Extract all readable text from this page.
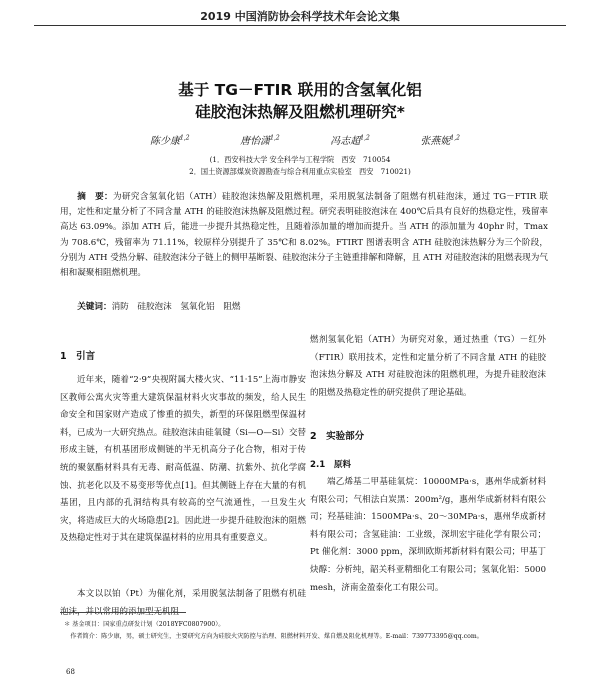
2019 中国消防协会科学技术年会论文集
基于 TG－FTIR 联用的含氢氧化铝
硅胶泡沫热解及阻燃机理研究*
陈少康$^{1,2}$	唐怡潇$^{1,2}$	冯志超$^{1,2}$	张燕妮$^{1,2}$
(1．西安科技大学 安全科学与工程学院　西安　710054
2．国土资源部煤炭资源勘查与综合利用重点实验室　西安　710021)
摘　要：为研究含氢氧化铝（ATH）硅胶泡沫热解及阻燃机理，采用脱氢法制备了阻燃有机硅泡沫，通过 TG－FTIR 联用，定性和定量分析了不同含量 ATH 的硅胶泡沫热解及阻燃过程。研究表明硅胶泡沫在 400℃后具有良好的热稳定性，残留率高达 63.09%。添加 ATH 后，能进一步提升其热稳定性，且随着添加量的增加而提升。当 ATH 的添加量为 40phr 时，Tmax 为 708.6℃，残留率为 71.11%，较原样分别提升了 35℃和 8.02%。FTIRT 图谱表明含 ATH 硅胶泡沫热解分为三个阶段，分别为 ATH 受热分解、硅胶泡沫分子链上的侧甲基断裂、硅胶泡沫分子主链重排解和降解，且 ATH 对硅胶泡沫的阻燃表现为气相和凝聚相阻燃机理。
关键词：消防　硅胶泡沫　氢氧化铝　阻燃
1　引言
近年来，随着“2·9”央视附属大楼火灾、“11·15”上海市静安区教师公寓火灾等重大建筑保温材料火灾事故的频发，给人民生命安全和国家财产造成了惨重的损失，新型的环保阻燃型保温材料，已成为一大研究热点。硅胶泡沫由硅氧键（Si—O—Si）交替形成主链，有机基团形成侧链的半无机高分子化合物，相对于传统的聚氨酯材料具有无毒、耐高低温、防潮、抗紫外、抗化学腐蚀、抗老化以及不易变形等优点[1]。但其侧链上存在大量的有机基团，且内部的孔洞结构具有较高的空气流通性，一旦发生火灾，将造成巨大的火场隐患[2]。因此进一步提升硅胶泡沫的阻燃及热稳定性对于其在建筑保温材料的应用具有重要意义。
本文以以铂（Pt）为催化剂，采用脱氢法制备了阻燃有机硅泡沫，并以常用的添加型无机阻
燃剂氢氧化铝（ATH）为研究对象，通过热重（TG）－红外（FTIR）联用技术，定性和定量分析了不同含量 ATH 的硅胶泡沫热分解及 ATH 对硅胶泡沫的阻燃机理，为提升硅胶泡沫的阻燃及热稳定性的研究提供了理论基础。
2　实验部分
2.1　原料
端乙烯基二甲基硅氧烷：10000MPa·s，惠州华成新材料有限公司；气相法白炭黑：200m²/g，惠州华成新材料有限公司；羟基硅油：1500MPa·s、20～30MPa·s，惠州华成新材料有限公司；含氢硅油：工业级，深圳宏宇硅化学有限公司；Pt 催化剂：3000 ppm，深圳欧斯邦新材料有限公司；甲基丁炔醇：分析纯，韶关科亚精细化工有限公司；氢氧化铝：5000 mesh，济南金盈泰化工有限公司。
＊ 基金项目：国家重点研发计划（2018YFC0807900）。
作者简介：陈少康，男，硕士研究生，主要研究方向为硅胶火灾防控与治理、阻燃材料开发、煤自燃及阻化机理等。E-mail：739773395@qq.com。
68
